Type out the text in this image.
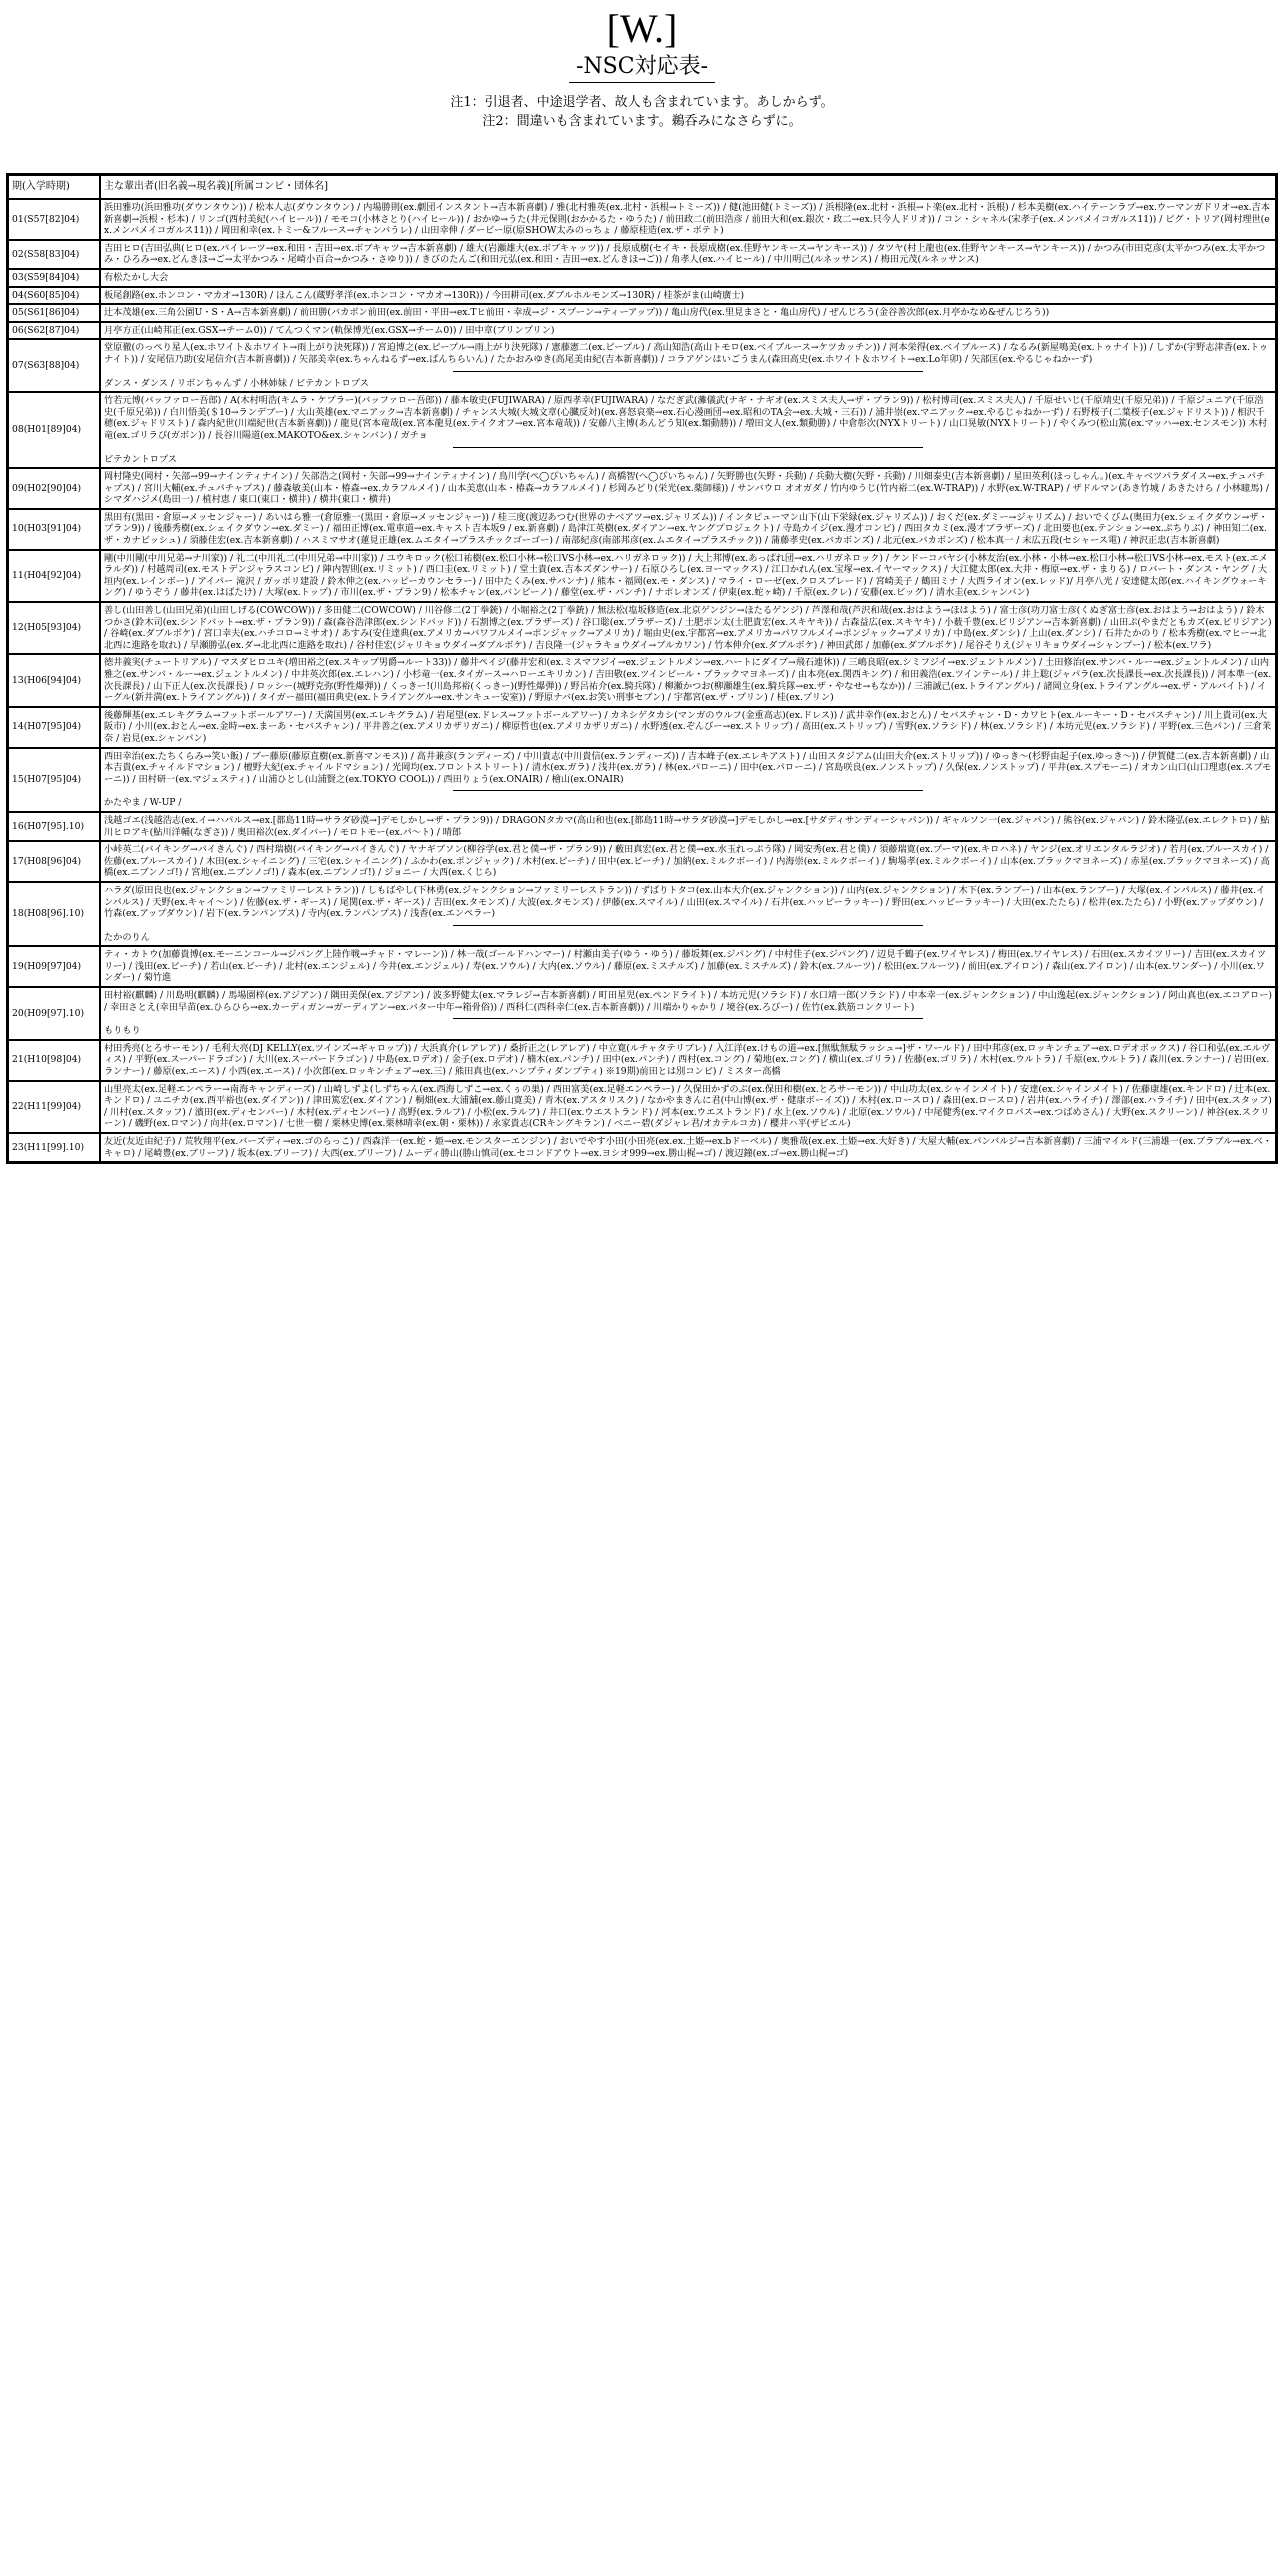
[W.]
-NSC対応表-
注1：引退者、中途退学者、故人も含まれています。あしからず。
注2：間違いも含まれています。鵜呑みになさらずに。
期(入学時期)	主な輩出者(旧名義→現名義)[所属コンビ・団体名]
01(S57[82]04)	浜田雅功(浜田雅功(ダウンタウン)) / 松本人志(ダウンタウン) / 内場勝則(ex.劇団インスタント→吉本新喜劇) / 雅(北村雅英(ex.北村・浜根→トミーズ)) / 健(池田健(トミーズ)) / 浜根隆(ex.北村・浜根→ト楽(ex.北村・浜根) / 杉本美樹(ex.ハイテーンラプ→ex.ウーマンガドリオ→ex.吉本新喜劇→浜根・杉本) / リンゴ(西村美紀(ハイヒール)) / モモコ(小林さとり(ハイヒール)) / おかゆ→うた(井元保則(おかかるた・ゆうた) / 前田政二(前田浩彦 / 前田大和(ex.銀次・政二→ex.只今人ドリオ)) / コン・シャネル(宋孝子(ex.メンバメイコガルス11)) / ピグ・トリア(岡村理世(ex.メンバメイコガルス11)) / 岡田和幸(ex.トミー&フルース→チャンバうレ) / 山田幸伸 / ダービー原(原SHOW太みのっちょ / 藤原桂造(ex.ザ・ポテト)
02(S58[83]04)	吉田ヒロ(吉田弘典(ヒロ(ex.パイレーツ→ex.和田・吉田→ex.ボブキャツ→吉本新喜劇) / 雄大(岩瀬雄大(ex.ボブキャッツ)) / 長原成樹(セイキ・長原成樹(ex.佳野ヤンキース→ヤンキース)) / タツヤ(村上龍也(ex.佳野ヤンキース→ヤンキース)) / かつみ(市田克彦(太平かつみ(ex.太平かつみ・ひろみ→ex.どんきほ→ご→太平かつみ・尾崎小百合→かつみ・さゆり)) / きびのたんご(和田元弘(ex.和田・吉田→ex.どんきほ→ご)) / 角孝人(ex.ハイヒール) / 中川明己(ルネッサンス) / 梅田元茂(ルネッサンス)
03(S59[84]04)	有松たかし大会
04(S60[85]04)	板尾創路(ex.ホンコン・マカオ→130R) / ほんこん(蔵野孝洋(ex.ホンコン・マカオ→130R)) / 今田耕司(ex.ダブルホルモンズ→130R) / 桂茶がま(山崎廣士)
05(S61[86]04)	辻本茂雄(ex.三角公園U・S・A→吉本新喜劇) / 前田勝(バカボン前田(ex.前田・平田→ex.Tヒ前田・幸成→ジ・スプーン→ティーアップ)) / 亀山房代(ex.里見まさと・亀山房代) / ぜんじろう(金谷善次郎(ex.月亭かなめ&ぜんじろう))
06(S62[87]04)	月亭方正(山崎邦正(ex.GSX→チーム0)) / てんつくマン(軌保博光(ex.GSX→チーム0)) / 田中章(ブリンプリン)
07(S63[88]04)	堂原徹(のっぺり星人(ex.ホワイト＆ホワイト→雨上がり決死隊)) / 宮迫博之(ex.ピープル→雨上がり決死隊) / 憲藤憲二(ex.ピープル) / 高山知浩(高山トモロ(ex.ベイブルース→ケツカッチン)) / 河本栄得(ex.ベイブルース) / なるみ(新屋鳴美(ex.トゥナイト)) / しずか(宇野志津香(ex.トゥナイト)) / 安尾信乃助(安尾信介(吉本新喜劇)) / 矢部美幸(ex.ちゃんねるず→ex.ぱんちらいん) / たかおみゆき(高尾美由紀(吉本新喜劇)) / コラアゲンはいごうまん(森田高史(ex.ホワイト＆ホワイト→ex.Lo年卯) / 矢部匡(ex.やるじゃねかーず)
ダンス・ダンス / リボンちゃんず / 小林姉妹 / ビテカントロプス

08(H01[89]04)	竹若元博(バッファロー吾郎) / A(木村明浩(キムラ・ケプラー)(バッファロー吾郎)) / 藤本敏史(FUJIWARA) / 原西孝幸(FUJIWARA) / なだぎ武(灘儀武(ナギ・ナギオ(ex.スミス夫人→ザ・プラン9)) / 松村博司(ex.スミス夫人) / 千原せいじ(千原靖史(千原兄弟)) / 千原ジュニア(千原浩史(千原兄弟)) / 白川悟美(＄10→ランデブー) / 大山英雄(ex.マニアック→吉本新喜劇) / チャンス大城(大城文章(心臓反対)(ex.喜怒哀楽→ex.石心漫画団→ex.昭和のTA会→ex.大城・三石)) / 浦井崇(ex.マニアック→ex.やるじゃねかーず) / 石野桜子(二葉桜子(ex.ジャドリスト)) / 相沢千穂(ex.ジャドリスト) / 森内紀世(川端紀世(吉本新喜劇)) / 龍見(宮本竜哉(ex.宮本龍見(ex.テイクオフ→ex.宮本竜哉)) / 安藤八主博(あんどう知(ex.類動勝)) / 増田文人(ex.類動勝) / 中倉彰次(NYXトリート) / 山口晃敏(NYXトリート) / やくみつ(松山篤(ex.マッハ→ex.センスモン)) 木村竜(ex.ゴリラぴ(ガボン)) / 長谷川陽道(ex.MAKOTO&ex.シャンバン) / ガチョ
ビテカントロプス

09(H02[90]04)	岡村隆史(岡村・矢部→99→ナインティナイン) / 矢部浩之(岡村・矢部→99→ナインティナイン) / 鳥川学(ペ◯びいちゃん) / 高橋智(へ◯びいちゃん) / 矢野勝也(矢野・兵動) / 兵動大樹(矢野・兵動) / 川畑泰史(吉本新喜劇) / 星田英利(ほっしゃん。)(ex.キャベツパラダイス→ex.チュパチャプス) / 宮川大輔(ex.チュパチャプス) / 藤森敏美(山本・椿森→ex.カラフルメイ) / 山本美恵(山本・椿森→カラフルメイ) / 杉岡みどり(栄光(ex.薬師様)) / サンバウロ オオガダ / 竹内ゆうじ(竹内裕二(ex.W-TRAP)) / 水野(ex.W-TRAP) / ザドルマン(あき竹城 / あきたけら / 小林瞳馬) / シマダハジメ(島田一) / 植村恵 / 東口(東口・横井) / 横井(東口・横井)
10(H03[91]04)	黒田有(黒田・倉原→メッセンジャー) / あいはら雅一(倉原雅一(黒田・倉原→メッセンジャー)) / 桂三度(渡辺あつむ(世界のナベアツ→ex.ジャリズム)) / インタピューマン山下(山下栄緑(ex.ジャリズム)) / おくだ(ex.ダミー→ジャリズム) / おいでくびム(奥田力(ex.シェイクダウン→ザ・プラン9)) / 後藤秀樹(ex.シェイクダウン→ex.ダミー) / 福田正博(ex.電車道→ex.キャスト吉本坂9 / ex.新喜劇) / 島津江英樹(ex.ダイアン→ex.ヤングプロジェクト) / 寺島カイジ(ex.漫才コンビ) / 西田タカミ(ex.漫才ブラザーズ) / 北田要也(ex.テンション→ex.ぷちりぶ) / 神田知二(ex.ザ・カナビッシュ) / 須藤佳宏(ex.吉本新喜劇) / ハスミマサオ(蓮見正雄(ex.ムエタイ→プラスチックゴーゴー) / 南部紀彦(南部邦彦(ex.ムエタイ→プラスチック)) / 蒲藤孝史(ex.バカボンズ) / 北元(ex.バカボンズ) / 松本真一 / 末広五段(セシャース電) / 神沢正忠(吉本新喜劇)
11(H04[92]04)	剛(中川剛(中川兄弟→ナ川家)) / 礼二(中川礼二(中川兄弟→中川家)) / ユウキロック(松口祐樹(ex.松口小林→松口VS小林→ex.ハリガネロック)) / 大上邦博(ex.あっぱれ団→ex.ハリガネロック) / ケンドーコバヤシ(小林友治(ex.小林・小林→ex.松口小林→松口VS小林→ex.モスト(ex.エメラルダ)) / 村越周司(ex.モストデンジャラスコンビ) / 陣内智則(ex.リミット) / 西口圭(ex.リミット) / 堂土貴(ex.吉本ズダンサー) / 石原ひろし(ex.ヨーマックス) / 江口かれん(ex.宝塚→ex.イヤーマックス) / 大江健太郎(ex.大井・梅原→ex.ザ・まりる) / ロバート・ダンス・ヤング / 大垣内(ex.レインボー) / アイパー 滝沢 / ガッポリ建設 / 鈴木伸之(ex.ハッピーカウンセラー) / 田中たくみ(ex.サバンナ) / 熊本・福岡(ex.モ・ダンス) / マライ・ローゼ(ex.クロスブレード) / 宮崎美子 / 鶴田ミナ / 大西ライオン(ex.レッド)/ 月亭八光 / 安達健太郎(ex.ハイキングウォーキング) / ゆうぞう / 藤井(ex.はばたけ) / 大塚(ex.トップ) / 市川(ex.ザ・プラン9) / 松本チャン(ex.バンビーノ) / 藤堂(ex.ザ・パンチ) / ナポレオンズ / 伊東(ex.蛇ヶ崎) / 千原(ex.クレ) / 安藤(ex.ビッグ) / 清水圭(ex.シャンバン)
12(H05[93]04)	善し(山田善し(山田兄弟)(山田しげる(COWCOW)) / 多田健二(COWCOW) / 川谷修二(2丁拳銃) / 小堀裕之(2丁拳銃) / 無法松(塩坂修造(ex.北京ゲンジン→ほたるゲンジ) / 芦澤和哉(芦沢和哉(ex.おはよう→ほはよう) / 富士彦(功刀富士彦(くぬぎ富士彦(ex.おはよう→おはよう) / 鈴木つかさ(鈴木司(ex.シンドバット→ex.ザ・プラン9)) / 森(森谷浩津郎(ex.シンドバッド)) / 石割博之(ex.プラザーズ) / 谷口聡(ex.プラザーズ) / 土肥ポン太(土肥貴宏(ex.スキヤキ)) / 古森益広(ex.スキヤキ) / 小薮千豊(ex.ビリジアン→吉本新喜劇) / 山田ぷ(やまだともカズ(ex.ビリジアン) / 谷崎(ex.ダブルボケ) / 宮口幸夫(ex.ハチコロ→ミサオ) / あすみ(安住達典(ex.アメリカ→バワフルメイ→ポンジャック→アメリカ) / 堀由史(ex.宇都宮→ex.アメリカ→パワフルメイ→ポンジャック→アメリカ) / 中島(ex.ダンシ) / 上山(ex.ダンシ) / 石井たかのり / 松本秀樹(ex.マヒー→北北西に進路を取れ) / 早瀬勝弘(ex.ダ→北北西に進路を取れ) / 谷村佳宏(ジャリキョウダイ→ダブルボケ) / 吉良隆一(ジャラキョウダイ→ブルカワン) / 竹本伸介(ex.ダブルボケ) / 神田武郎 / 加藤(ex.ダブルボケ) / 尾谷そりえ(ジャリキョウダイ→シャンプー) / 松本(ex.ワラ)
13(H06[94]04)	徳井義実(チュートリアル) / マスダヒロユキ(増田裕之(ex.スキップ男爵→ルート33)) / 藤井ペイジ(藤井宏和(ex.ミスマフジイ→ex.ジェントルメン→ex.ハートにダイブ→飛石連休)) / 三嶋良昭(ex.シミフジイ→ex.ジェントルメン) / 土田修治(ex.サンバ・ルー→ex.ジェントルメン) / 山内雅之(ex.サンバ・ルー→ex.ジェントルメン) / 中井英次郎(ex.エレハン) / 小杉竜一(ex.タイガース→ハローエキリカン) / 吉田敬(ex.ツインビール・ブラックマヨネーズ) / 由本亮(ex.関西キング) / 和田義浩(ex.ツインテール) / 井上聡(ジャパラ(ex.次長課長→ex.次長課長)) / 河本準一(ex.次長課長) / 山下正人(ex.次長課長) / ロッシー(城野克弥(野性爆弾)) / くっきー!(川島邦裕(くっきー)(野性爆弾)) / 野呂祐介(ex.騎兵隊) / 柳瀬かつお(柳瀬雄生(ex.騎兵隊→ex.ザ・やなせ→もなか)) / 三浦誠己(ex.トライアングル) / 諸岡立身(ex.トライアングル→ex.ザ・アルバイト) / イーグル(新井満(ex.トライアングル)) / タイガー福田(福田典史(ex.トライアングル→ex.サンキュー安室)) / 野原ナバ(ex.お笑い刑事セブン) / 宇都宮(ex.ザ・プリン) / 桂(ex.プリン)
14(H07[95]04)	後藤輝基(ex.エレキグラム→フットボールアワー) / 天満国男(ex.エレキグラム) / 岩尾望(ex.ドレス→フットボールアワー) / カネシゲタカシ(マンガのウルフ(金重高志)(ex.ドレス)) / 武井幸作(ex.おとん) / セバスチャン・D・カワヒト(ex.ルーキー・D・セバスチャン) / 川上貴司(ex.大阪市) / 小川(ex.おとん→ex.金時→ex.まーあ・セバスチャン) / 平井善之(ex.アメリカザリガニ) / 柳原哲也(ex.アメリカザリガニ) / 水野透(ex.ぞんびー→ex.ストリップ) / 高田(ex.ストリップ) / 雪野(ex.ソラシド) / 林(ex.ソラシド) / 本坊元児(ex.ソラシド) / 平野(ex.三色パン) / 三倉茉奈 / 岩見(ex.シャンパン)
15(H07[95]04)	西田幸治(ex.たちくらみ→笑い飯) / ブー藤原(藤原直樹(ex.新喜マンモス)) / 高井兼彦(ランディーズ) / 中川貴志(中川貴信(ex.ランディーズ)) / 吉本峰子(ex.エレキアスト) / 山田スタジアム(山田大介(ex.ストリップ)) / ゆっき〜(杉野由起子(ex.ゆっき〜)) / 伊賀健二(ex.吉本新喜劇) / 山本吉貴(ex.チャイルドマション) / 檀野大紀(ex.チャイルドマション) / 光岡均(ex.フロントストリート) / 清水(ex.ガラ) / 浅井(ex.ガラ) / 林(ex.パローニ) / 田中(ex.パローニ) / 宮島咲良(ex.ノンストップ) / 久保(ex.ノンストップ) / 平井(ex.スプモーニ) / オカン山口(山口理恵(ex.スプモーニ)) / 田村研一(ex.マジェスティ) / 山浦ひとし(山浦賢之(ex.TOKYO COOL)) / 西田りょう(ex.ONAIR) / 檜山(ex.ONAIR)
かたやま / W-UP /

16(H07[95].10)	浅越ゴエ(浅越浩志(ex.イ→ハパルス→ex.[都島11時→サラダ砂漠→]デモしかし→ザ・プラン9)) / DRAGONタカマ(高山和也(ex.[都島11時→サラダ砂漠→]デモしかし→ex.[サダディサンディーシャパン)) / ギャルソン一(ex.ジャパン) / 熊谷(ex.ジャパン) / 鈴木隆弘(ex.エレクトロ) / 鮎川ヒロアキ(鮎川洋輔(なぎさ)) / 奥田裕次(ex.ダイバー) / モロトモー(ex.パ〜ト) / 晴郎
17(H08[96]04)	小峠英二(バイキング→バイきんぐ) / 西村瑞樹(バイキング→バイきんぐ) / ヤナギブソン(柳谷学(ex.君と僕→ザ・プラン9)) / 藪田真宏(ex.君と僕→ex.水玉れっぷう隊) / 岡安秀(ex.君と僕) / 須藤瑞寛(ex.プーマ)(ex.キロハネ) / ヤンジ(ex.オリエンタルラジオ) / 若月(ex.ブルースカイ) / 佐藤(ex.ブルースカイ) / 木田(ex.シャイニング) / 三宅(ex.シャイニング) / ふかわ(ex.ポンジャック) / 木村(ex.ピーチ) / 田中(ex.ピーチ) / 加納(ex.ミルクボーイ) / 内海崇(ex.ミルクボーイ) / 駒場孝(ex.ミルクボーイ) / 山本(ex.ブラックマヨネーズ) / 赤星(ex.ブラックマヨネーズ) / 高橋(ex.ニブンノゴ!) / 宮地(ex.ニブンノゴ!) / 森本(ex.ニブンノゴ!) / ジョニー / 大西(ex.くじら)
18(H08[96].10)	ハラダ(原田良也(ex.ジャンクション→ファミリーレストラン)) / しもばやし(下林勇(ex.ジャンクション→ファミリーレストラン)) / ずばりトタコ(ex.山本大介(ex.ジャンクション)) / 山内(ex.ジャンクション) / 木下(ex.ランブー) / 山本(ex.ランブー) / 大塚(ex.インパルス) / 藤井(ex.インパルス) / 天野(ex.キャイ〜ン) / 佐藤(ex.ザ・ギース) / 尾関(ex.ザ・ギース) / 吉田(ex.タモンズ) / 大波(ex.タモンズ) / 伊藤(ex.スマイル) / 山田(ex.スマイル) / 石井(ex.ハッピーラッキー) / 野田(ex.ハッピーラッキー) / 大田(ex.たたら) / 松井(ex.たたら) / 小野(ex.アップダウン) / 竹森(ex.アップダウン) / 岩下(ex.ランパンプス) / 寺内(ex.ランパンプス) / 浅香(ex.エンペラー)
たかのりん

19(H09[97]04)	ティ・カトウ(加藤貴博(ex.モーニンコール→ジパング上陸作戦→チャド・マレーン)) / 林一哉(ゴールドハンマー) / 村瀬由美子(ゆう・ゆう) / 藤坂舞(ex.ジパング) / 中村佳子(ex.ジパング) / 辺見千鶴子(ex.ワイヤレス) / 梅田(ex.ワイヤレス) / 石田(ex.スカイツリー) / 吉田(ex.スカイツリー) / 浅田(ex.ピーチ) / 若山(ex.ピーチ) / 北村(ex.エンジェル) / 今井(ex.エンジェル) / 寿(ex.ソウル) / 大内(ex.ソウル) / 藤原(ex.ミスチルズ) / 加藤(ex.ミスチルズ) / 鈴木(ex.フルーツ) / 松田(ex.フルーツ) / 前田(ex.アイロン) / 森山(ex.アイロン) / 山本(ex.ワンダー) / 小川(ex.ワンダー) / 菊竹進
20(H09[97].10)	田村裕(麒麟) / 川島明(麒麟) / 馬場園梓(ex.アジアン) / 隅田美保(ex.アジアン) / 波多野健太(ex.マラレジ→吉本新喜劇) / 町田星児(ex.ペンドライト) / 本坊元児(ソラシド) / 水口靖一郎(ソラシド) / 中本幸一(ex.ジャンクション) / 中山逸起(ex.ジャンクション) / 阿山真也(ex.エコアロー) / 幸田さとえ(幸田早苗(ex.ひらひら→ex.カーディガン→ガーディアン→ex.バター中年→箱骨俗)) / 西科仁(西科幸仁(ex.吉本新喜劇)) / 川端かりゃかり / 境谷(ex.ろびー) / 佐竹(ex.鉄筋コンクリート)
もりもり

21(H10[98]04)	村田秀亮(とろサーモン) / 毛利大亮(DJ KELLY(ex.ツインズ→ギャロップ)) / 大浜真介(レアレア) / 桑折正之(レアレア) / 中立寛(ルチャタテリブレ) / 入江洋(ex.けもの道→ex.[無駄無駄ラッシュ→]ザ・ワールド) / 田中邦彦(ex.ロッキンチェア→ex.ロデオボックス) / 谷口和弘(ex.エルヴィス) / 平野(ex.スーパードラゴン) / 大川(ex.スーパードラゴン) / 中島(ex.ロデオ) / 金子(ex.ロデオ) / 楠木(ex.パンチ) / 田中(ex.パンチ) / 西村(ex.コング) / 菊地(ex.コング) / 横山(ex.ゴリラ) / 佐藤(ex.ゴリラ) / 木村(ex.ウルトラ) / 千原(ex.ウルトラ) / 森川(ex.ランナー) / 岩田(ex.ランナー) / 藤原(ex.エース) / 小西(ex.エース) / 小次郎(ex.ロッキンチェア→ex.三) / 熊田真也(ex.ハンプティダンプティ) ※19期)前田とは別コンビ) / ミスター高橋
22(H11[99]04)	山里亮太(ex.足軽エンペラー→南海キャンディーズ) / 山崎しずよ(しずちゃん(ex.西海しずこ→ex.くぅの巣) / 西田富美(ex.足軽エンペラー) / 久保田かずのぶ(ex.保田和樹(ex.とろサーモン)) / 中山功太(ex.シャインメイト) / 安達(ex.シャインメイト) / 佐藤康雄(ex.キンドロ) / 辻本(ex.キンドロ) / ユニチカ(ex.西平裕也(ex.ダイアン)) / 津田篤宏(ex.ダイアン) / 桐畑(ex.大浦舗(ex.藤山寛美) / 青木(ex.アスタリスク) / なかやまきんに君(中山博(ex.ザ・健康ボーイズ)) / 木村(ex.ロースロ) / 森田(ex.ロースロ) / 岩井(ex.ハライチ) / 澤部(ex.ハライチ) / 田中(ex.スタッフ) / 川村(ex.スタッフ) / 濱田(ex.ディセンバー) / 木村(ex.ディセンバー) / 高野(ex.ラルフ) / 小松(ex.ラルフ) / 井口(ex.ウエストランド) / 河本(ex.ウエストランド) / 水上(ex.ソウル) / 北原(ex.ソウル) / 中尾健秀(ex.マイクロパス→ex.つばめさん) / 大野(ex.スクリーン) / 神谷(ex.スクリーン) / 磯野(ex.ロマン) / 向井(ex.ロマン) / 七世一樹 / 栗林史博(ex.栗林晴幸(ex.朝・栗林)) / 永家貴志(CRキングキラン) / ベニー碧(ダジャレ君/オカテルコカ) / 櫻井ハ平(ザビエル)
23(H11[99].10)	友近(友近由紀子) / 荒牧翔平(ex.バーズディ→ex.ゴのらっこ) / 西森洋一(ex.蛇・姫→ex.モンスターエンジン) / おいでやす小田(小田亮(ex.ex.土姫→ex.bドーベル) / 奥雅哉(ex.ex.土姫→ex.大好き) / 大屋大輔(ex.パンバルジ→吉本新喜劇) / 三浦マイルド(三浦雄一(ex.ブラブル→ex.べ・キャロ) / 尾崎豊(ex.ブリーフ) / 坂本(ex.ブリーフ) / 大西(ex.ブリーフ) / ムーディ勝山(勝山慎司(ex.セコンドアウト→ex.ヨシオ999→ex.勝山梶→ゴ) / 渡辺鐘(ex.ゴ→ex.勝山梶→ゴ)
